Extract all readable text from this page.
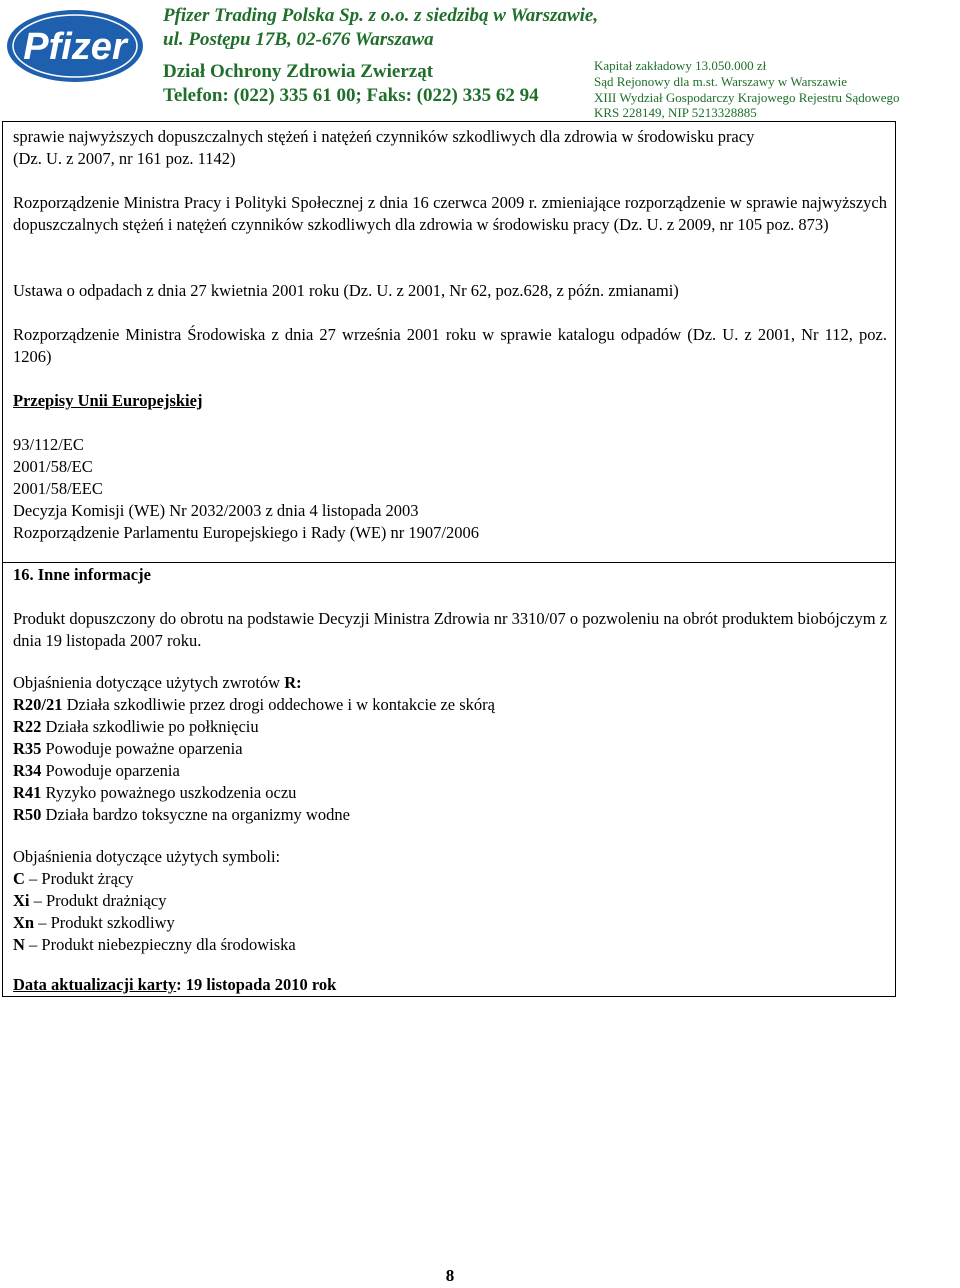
Pfizer
Pfizer Trading Polska Sp. z o.o. z siedzibą w Warszawie,
ul. Postępu 17B, 02-676 Warszawa
Dział Ochrony Zdrowia Zwierząt
Telefon: (022) 335 61 00; Faks: (022) 335 62 94
Kapitał zakładowy 13.050.000 zł
Sąd Rejonowy dla m.st. Warszawy w Warszawie
XIII Wydział Gospodarczy Krajowego Rejestru Sądowego
KRS 228149, NIP 5213328885
sprawie najwyższych dopuszczalnych stężeń i natężeń czynników szkodliwych dla zdrowia w środowisku pracy
(Dz. U. z 2007, nr 161 poz. 1142)
Rozporządzenie Ministra Pracy i Polityki Społecznej z dnia 16 czerwca 2009 r. zmieniające rozporządzenie w sprawie najwyższych dopuszczalnych stężeń i natężeń czynników szkodliwych dla zdrowia w środowisku pracy (Dz. U. z 2009, nr 105 poz. 873)
Ustawa o odpadach z dnia 27 kwietnia 2001 roku (Dz. U. z 2001, Nr 62, poz.628, z późn. zmianami)
Rozporządzenie Ministra Środowiska z dnia 27 września 2001 roku w sprawie katalogu odpadów (Dz. U. z 2001, Nr 112, poz. 1206)
Przepisy Unii Europejskiej
93/112/EC
2001/58/EC
2001/58/EEC
Decyzja Komisji (WE) Nr 2032/2003 z dnia 4 listopada 2003
Rozporządzenie Parlamentu Europejskiego i Rady (WE) nr 1907/2006
16. Inne informacje
Produkt dopuszczony do obrotu na podstawie Decyzji Ministra Zdrowia nr 3310/07 o pozwoleniu na obrót produktem biobójczym z dnia 19 listopada 2007 roku.
Objaśnienia dotyczące użytych zwrotów R:
R20/21 Działa szkodliwie przez drogi oddechowe i w kontakcie ze skórą
R22 Działa szkodliwie po połknięciu
R35 Powoduje poważne oparzenia
R34 Powoduje oparzenia
R41 Ryzyko poważnego uszkodzenia oczu
R50 Działa bardzo toksyczne na organizmy wodne
Objaśnienia dotyczące użytych symboli:
C – Produkt żrący
Xi – Produkt drażniący
Xn – Produkt szkodliwy
N – Produkt niebezpieczny dla środowiska
Data aktualizacji karty: 19 listopada 2010 rok
8
